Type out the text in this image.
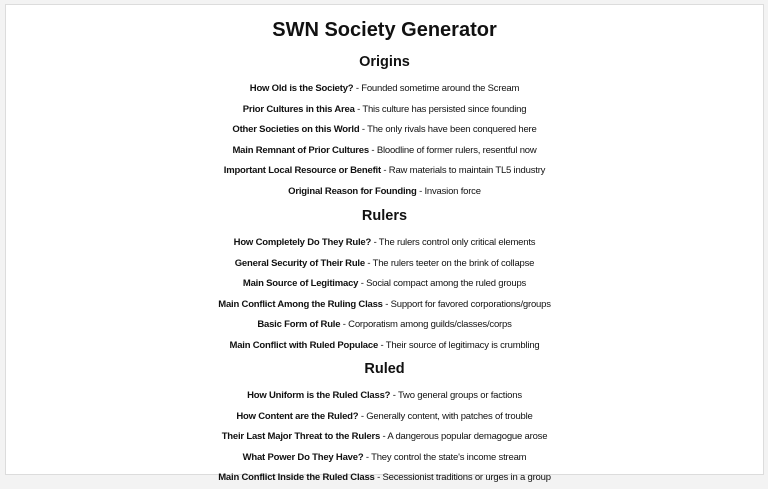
SWN Society Generator
Origins
How Old is the Society? - Founded sometime around the Scream
Prior Cultures in this Area - This culture has persisted since founding
Other Societies on this World - The only rivals have been conquered here
Main Remnant of Prior Cultures - Bloodline of former rulers, resentful now
Important Local Resource or Benefit - Raw materials to maintain TL5 industry
Original Reason for Founding - Invasion force
Rulers
How Completely Do They Rule? - The rulers control only critical elements
General Security of Their Rule - The rulers teeter on the brink of collapse
Main Source of Legitimacy - Social compact among the ruled groups
Main Conflict Among the Ruling Class - Support for favored corporations/groups
Basic Form of Rule - Corporatism among guilds/classes/corps
Main Conflict with Ruled Populace - Their source of legitimacy is crumbling
Ruled
How Uniform is the Ruled Class? - Two general groups or factions
How Content are the Ruled? - Generally content, with patches of trouble
Their Last Major Threat to the Rulers - A dangerous popular demagogue arose
What Power Do They Have? - They control the state's income stream
Main Conflict Inside the Ruled Class - Secessionist traditions or urges in a group
